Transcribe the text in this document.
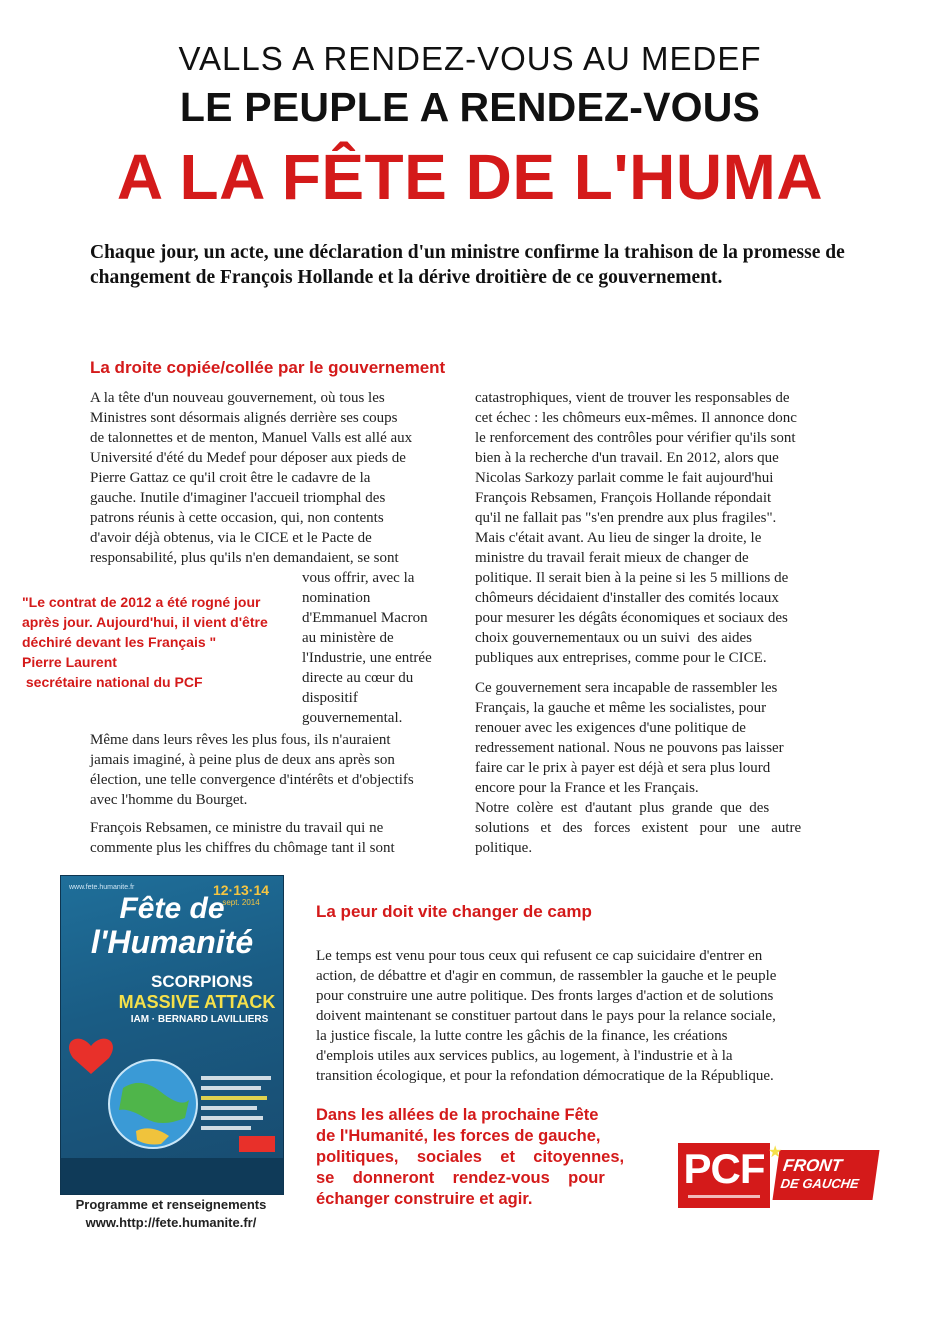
VALLS A RENDEZ-VOUS AU MEDEF
LE PEUPLE A RENDEZ-VOUS
A LA FÊTE DE L'HUMA
Chaque jour, un acte, une déclaration d'un ministre confirme la trahison de la promesse de changement de François Hollande et la dérive droitière de ce gouvernement.
La droite copiée/collée par le gouvernement

A la tête d'un nouveau gouvernement, où tous les

Ministres sont désormais alignés derrière ses coups

de talonnettes et de menton, Manuel Valls est allé aux

Université d'été du Medef pour déposer aux pieds de

Pierre Gattaz ce qu'il croit être le cadavre de la

gauche. Inutile d'imaginer l'accueil triomphal des

patrons réunis à cette occasion, qui, non contents

d'avoir déjà obtenus, via le CICE et le Pacte de

responsabilité, plus qu'ils n'en demandaient, se sont

vous offrir, avec la

nomination

d'Emmanuel Macron

au ministère de

l'Industrie, une entrée

directe au cœur du

dispositif

gouvernemental.

"Le contrat de 2012 a été rogné jour
après jour. Aujourd'hui, il vient d'être
déchiré devant les Français "
Pierre Laurent
secrétaire national du PCF

Même dans leurs rêves les plus fous, ils n'auraient

jamais imaginé, à peine plus de deux ans après son

élection, une telle convergence d'intérêts et d'objectifs

avec l'homme du Bourget.

François Rebsamen, ce ministre du travail qui ne

commente plus les chiffres du chômage tant il sont

catastrophiques, vient de trouver les responsables de

cet échec : les chômeurs eux-mêmes. Il annonce donc

le renforcement des contrôles pour vérifier qu'ils sont

bien à la recherche d'un travail. En 2012, alors que

Nicolas Sarkozy parlait comme le fait aujourd'hui

François Rebsamen, François Hollande répondait

qu'il ne fallait pas "s'en prendre aux plus fragiles".

Mais c'était avant. Au lieu de singer la droite, le

ministre du travail ferait mieux de changer de

politique. Il serait bien à la peine si les 5 millions de

chômeurs décidaient d'installer des comités locaux

pour mesurer les dégâts économiques et sociaux des

choix gouvernementaux ou un suivi  des aides

publiques aux entreprises, comme pour le CICE.

Ce gouvernement sera incapable de rassembler les

Français, la gauche et même les socialistes, pour

renouer avec les exigences d'une politique de

redressement national. Nous ne pouvons pas laisser

faire car le prix à payer est déjà et sera plus lourd

encore pour la France et les Français.

Notre  colère  est  d'autant  plus  grande  que  des

solutions   et   des   forces   existent   pour   une   autre

politique.

www.fete.humanite.fr	12·13·14
sept. 2014
Fête de
l'Humanité
SCORPIONS
MASSIVE ATTACK
IAM · BERNARD LAVILLIERS
Programme et renseignements
www.http://fete.humanite.fr/
La peur doit vite changer de camp

Le temps est venu pour tous ceux qui refusent ce cap suicidaire d'entrer en

action, de débattre et d'agir en commun, de rassembler la gauche et le peuple

pour construire une autre politique. Des fronts larges d'action et de solutions

doivent maintenant se constituer partout dans le pays pour la relance sociale,

la justice fiscale, la lutte contre les gâchis de la finance, les créations

d'emplois utiles aux services publics, au logement, à l'industrie et à la

transition écologique, et pour la refondation démocratique de la République.

Dans les allées de la prochaine Fête
de l'Humanité, les forces de gauche,
politiques,    sociales    et    citoyennes,
se    donneront    rendez-vous    pour
échanger construire et agir.
PCF	FRONT
DE GAUCHE
★
